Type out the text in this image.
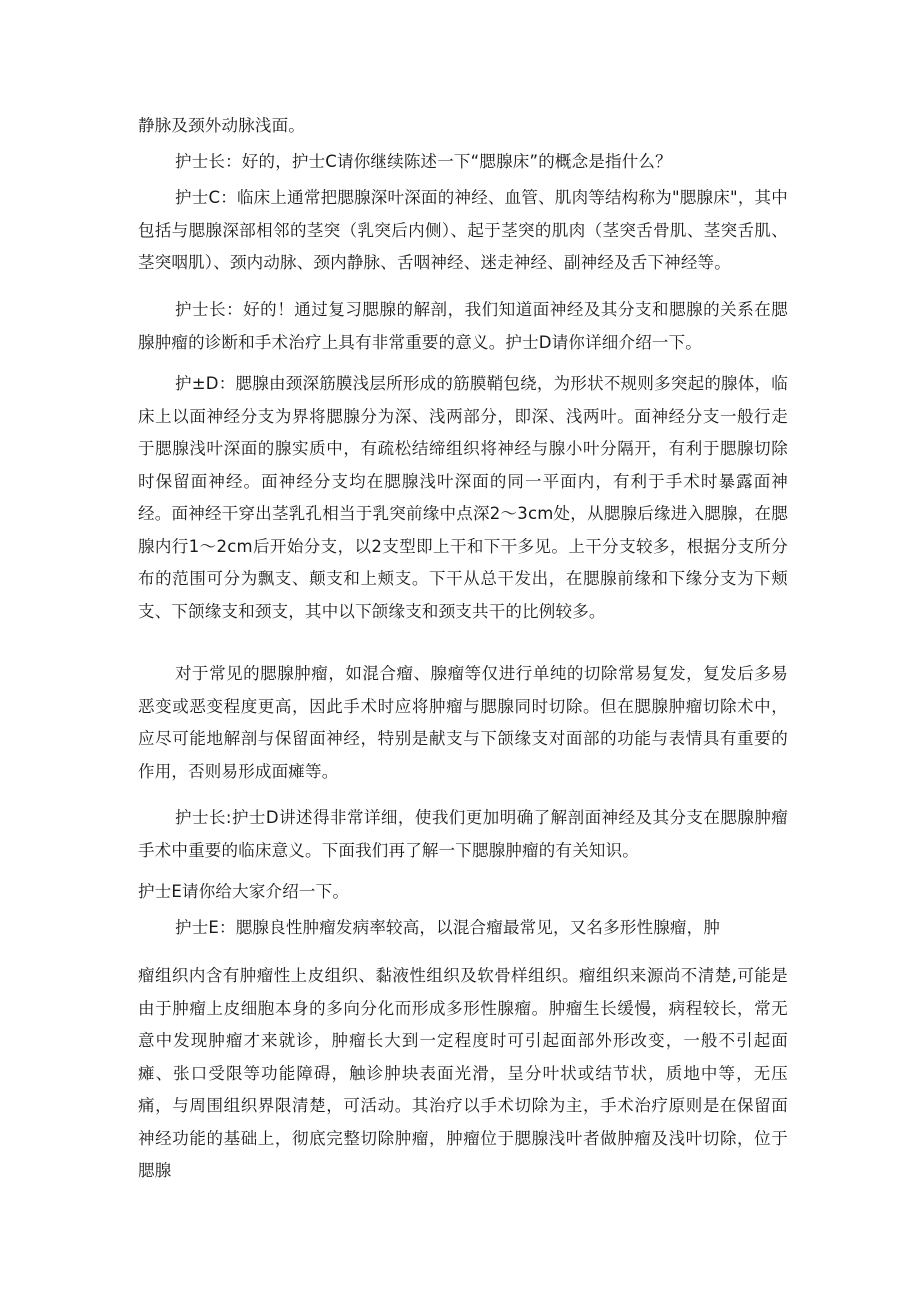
静脉及颈外动脉浅面。

护士长：好的，护士C请你继续陈述一下“腮腺床”的概念是指什么？

护士C：临床上通常把腮腺深叶深面的神经、血管、肌肉等结构称为"腮腺床"，其中包括与腮腺深部相邻的茎突（乳突后内侧）、起于茎突的肌肉（茎突舌骨肌、茎突舌肌、茎突咽肌）、颈内动脉、颈内静脉、舌咽神经、迷走神经、副神经及舌下神经等。

护士长：好的！通过复习腮腺的解剖，我们知道面神经及其分支和腮腺的关系在腮腺肿瘤的诊断和手术治疗上具有非常重要的意义。护士D请你详细介绍一下。

护±D：腮腺由颈深筋膜浅层所形成的筋膜鞘包绕，为形状不规则多突起的腺体，临床上以面神经分支为界将腮腺分为深、浅两部分，即深、浅两叶。面神经分支一般行走于腮腺浅叶深面的腺实质中，有疏松结缔组织将神经与腺小叶分隔开，有利于腮腺切除时保留面神经。面神经分支均在腮腺浅叶深面的同一平面内，有利于手术时暴露面神经。面神经干穿出茎乳孔相当于乳突前缘中点深2～3cm处，从腮腺后缘进入腮腺，在腮腺内行1～2cm后开始分支，以2支型即上干和下干多见。上干分支较多，根据分支所分布的范围可分为飘支、颠支和上颊支。下干从总干发出，在腮腺前缘和下缘分支为下颊支、下颌缘支和颈支，其中以下颌缘支和颈支共干的比例较多。

对于常见的腮腺肿瘤，如混合瘤、腺瘤等仅进行单纯的切除常易复发，复发后多易恶变或恶变程度更高，因此手术时应将肿瘤与腮腺同时切除。但在腮腺肿瘤切除术中，应尽可能地解剖与保留面神经，特别是献支与下颌缘支对面部的功能与表情具有重要的作用，否则易形成面瘫等。

护士长:护士D讲述得非常详细，使我们更加明确了解剖面神经及其分支在腮腺肿瘤手术中重要的临床意义。下面我们再了解一下腮腺肿瘤的有关知识。

护士E请你给大家介绍一下。

护士E：腮腺良性肿瘤发病率较高，以混合瘤最常见，又名多形性腺瘤，肿

瘤组织内含有肿瘤性上皮组织、黏液性组织及软骨样组织。瘤组织来源尚不清楚,可能是由于肿瘤上皮细胞本身的多向分化而形成多形性腺瘤。肿瘤生长缓慢，病程较长，常无意中发现肿瘤才来就诊，肿瘤长大到一定程度时可引起面部外形改变，一般不引起面瘫、张口受限等功能障碍，触诊肿块表面光滑，呈分叶状或结节状，质地中等，无压痛，与周围组织界限清楚，可活动。其治疗以手术切除为主，手术治疗原则是在保留面神经功能的基础上，彻底完整切除肿瘤，肿瘤位于腮腺浅叶者做肿瘤及浅叶切除，位于腮腺
